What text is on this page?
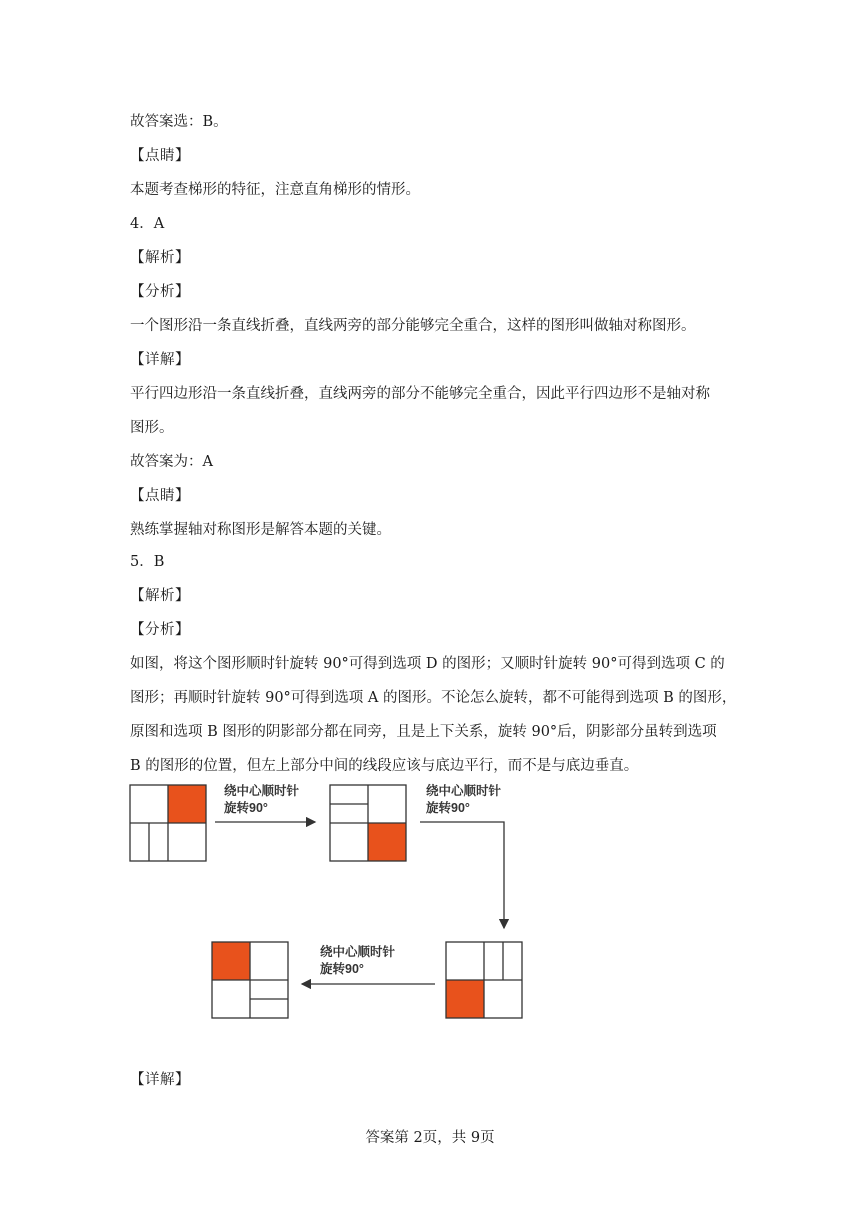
故答案选：B。
【点睛】
本题考查梯形的特征，注意直角梯形的情形。
4．A
【解析】
【分析】
一个图形沿一条直线折叠，直线两旁的部分能够完全重合，这样的图形叫做轴对称图形。
【详解】
平行四边形沿一条直线折叠，直线两旁的部分不能够完全重合，因此平行四边形不是轴对称
图形。
故答案为：A
【点睛】
熟练掌握轴对称图形是解答本题的关键。
5．B
【解析】
【分析】
如图，将这个图形顺时针旋转 90°可得到选项 D 的图形；又顺时针旋转 90°可得到选项 C 的
图形；再顺时针旋转 90°可得到选项 A 的图形。不论怎么旋转，都不可能得到选项 B 的图形，
原图和选项 B 图形的阴影部分都在同旁，且是上下关系，旋转 90°后，阴影部分虽转到选项
B 的图形的位置，但左上部分中间的线段应该与底边平行，而不是与底边垂直。
绕中心顺时针
旋转90°
绕中心顺时针
旋转90°
绕中心顺时针
旋转90°
【详解】
答案第 2页，共 9页
